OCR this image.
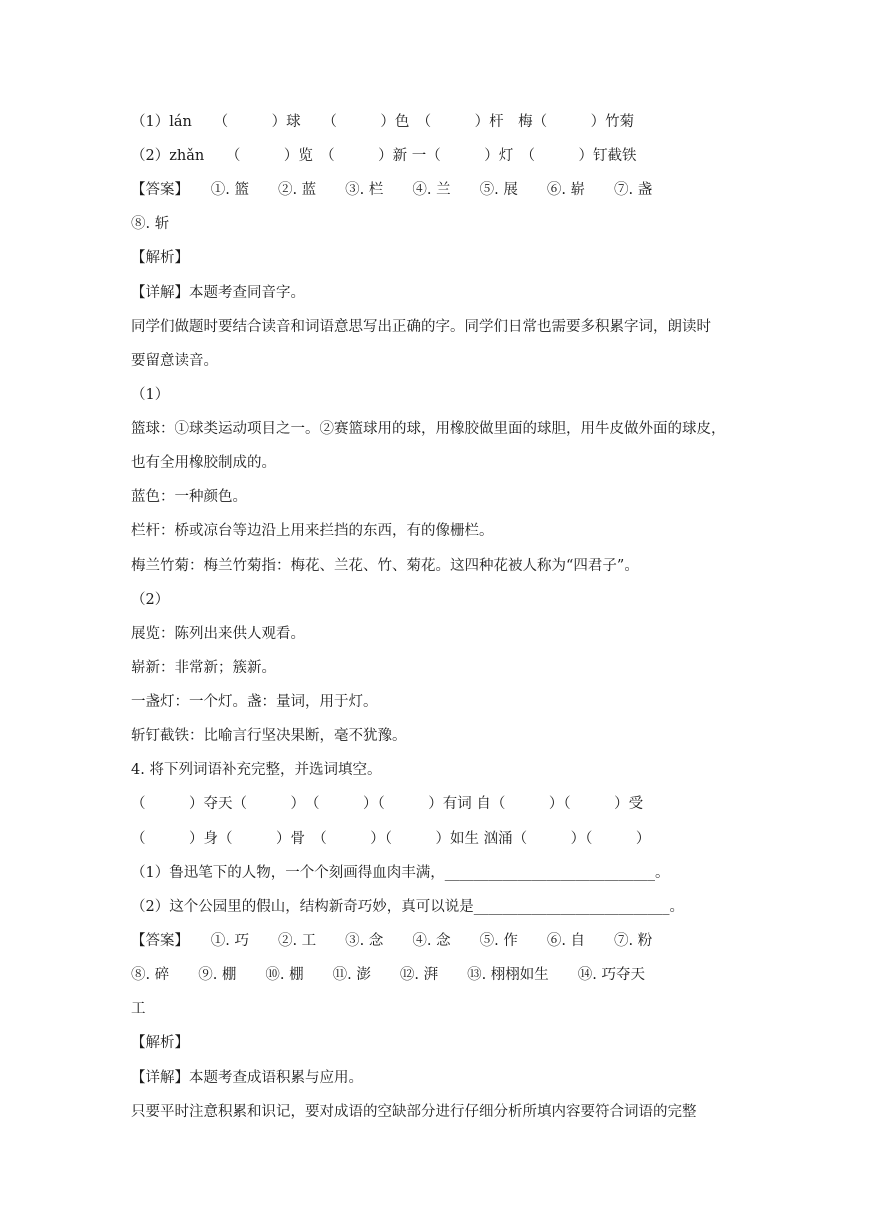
（1）lán　　（　　　）球　　（　　　）色　（　　　）杆　梅（　　　）竹菊
（2）zhǎn　　（　　　）览　（　　　）新 一（　　　）灯　（　　　）钉截铁
【答案】　　①. 篮　　②. 蓝　　③. 栏　　④. 兰　　⑤. 展　　⑥. 崭　　⑦. 盏
⑧. 斩
【解析】
【详解】本题考查同音字。
同学们做题时要结合读音和词语意思写出正确的字。同学们日常也需要多积累字词，朗读时
要留意读音。
（1）
篮球：①球类运动项目之一。②赛篮球用的球，用橡胶做里面的球胆，用牛皮做外面的球皮，
也有全用橡胶制成的。
蓝色：一种颜色。
栏杆：桥或凉台等边沿上用来拦挡的东西，有的像栅栏。
梅兰竹菊：梅兰竹菊指：梅花、兰花、竹、菊花。这四种花被人称为“四君子”。
（2）
展览：陈列出来供人观看。
崭新：非常新；簇新。
一盏灯：一个灯。盏：量词，用于灯。
斩钉截铁：比喻言行坚决果断，毫不犹豫。
4. 将下列词语补充完整，并选词填空。
（　　　）夺天（　　　）　（　　　）（　　　）有词 自（　　　）（　　　）受
（　　　）身（　　　）骨　（　　　）（　　　）如生 汹涌（　　　）（　　　）
（1）鲁迅笔下的人物，一个个刻画得血肉丰满，_____________________________。
（2）这个公园里的假山，结构新奇巧妙，真可以说是___________________________。
【答案】　　①. 巧　　②. 工　　③. 念　　④. 念　　⑤. 作　　⑥. 自　　⑦. 粉
⑧. 碎　　⑨. 棚　　⑩. 棚　　⑪. 澎　　⑫. 湃　　⑬. 栩栩如生　　⑭. 巧夺天
工
【解析】
【详解】本题考查成语积累与应用。
只要平时注意积累和识记，要对成语的空缺部分进行仔细分析所填内容要符合词语的完整
